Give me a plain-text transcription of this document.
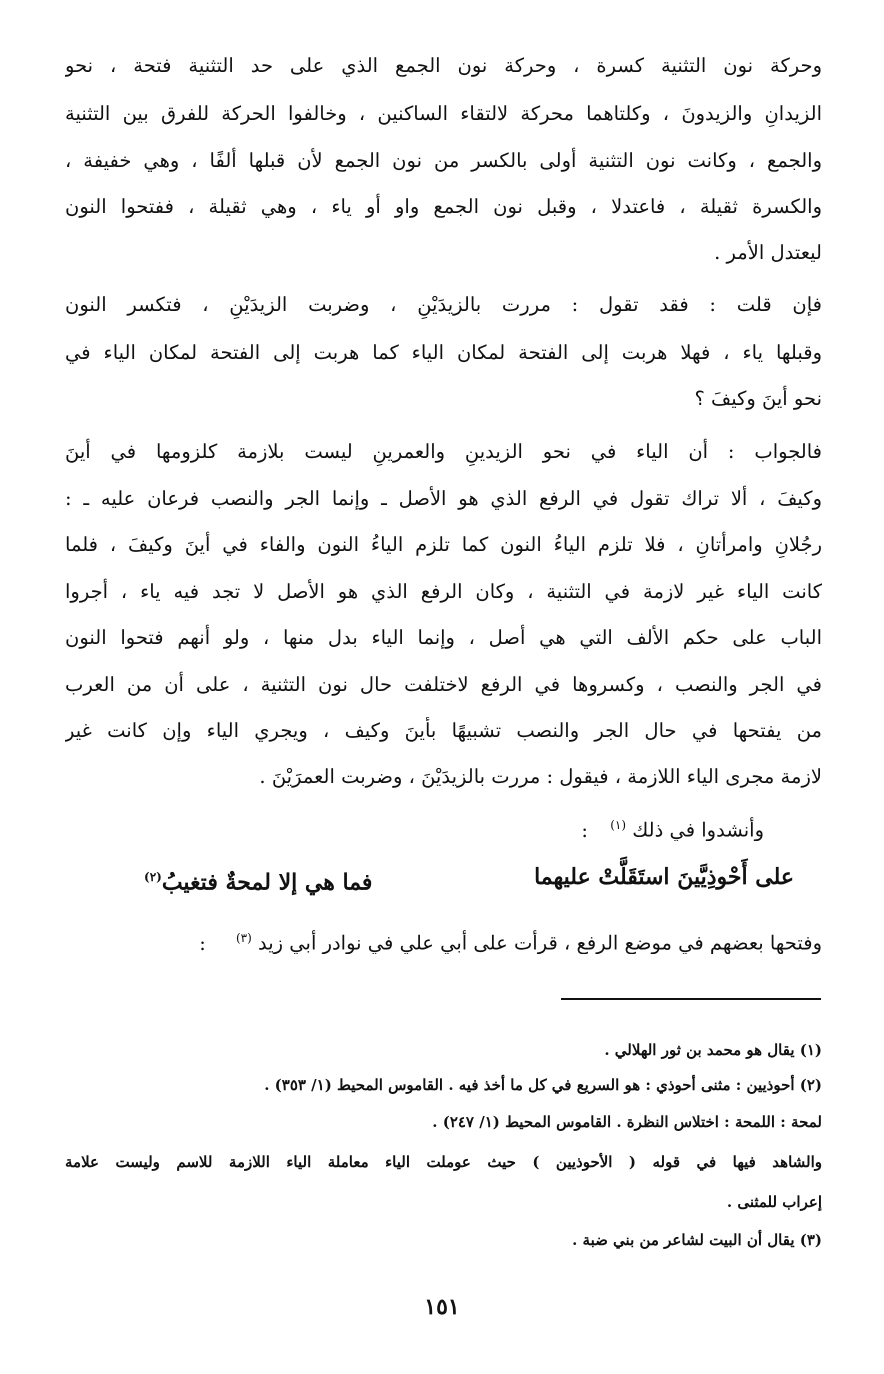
وحركة نون التثنية كسرة ، وحركة نون الجمع الذي على حد التثنية فتحة ، نحو
الزيدانِ والزيدونَ ، وكلتاهما محركة لالتقاء الساكنين ، وخالفوا الحركة للفرق بين التثنية
والجمع ، وكانت نون التثنية أولى بالكسر من نون الجمع لأن قبلها ألفًا ، وهي خفيفة ،
والكسرة ثقيلة ، فاعتدلا ، وقبل نون الجمع واو أو ياء ، وهي ثقيلة ، ففتحوا النون
ليعتدل الأمر .
فإن قلت : فقد تقول : مررت بالزيدَيْنِ ، وضربت الزيدَيْنِ ، فتكسر النون
وقبلها ياء ، فهلا هربت إلى الفتحة لمكان الياء كما هربت إلى الفتحة لمكان الياء في
نحو أينَ وكيفَ ؟
فالجواب : أن الياء في نحو الزيدينِ والعمرينِ ليست بلازمة كلزومها في أينَ
وكيفَ ، ألا تراك تقول في الرفع الذي هو الأصل ـ وإنما الجر والنصب فرعان عليه ـ :
رجُلانِ وامرأتانِ ، فلا تلزم الياءُ النون كما تلزم الياءُ النون والفاء في أينَ وكيفَ ، فلما
كانت الياء غير لازمة في التثنية ، وكان الرفع الذي هو الأصل لا تجد فيه ياء ، أجروا
الباب على حكم الألف التي هي أصل ، وإنما الياء بدل منها ، ولو أنهم فتحوا النون
في الجر والنصب ، وكسروها في الرفع لاختلفت حال نون التثنية ، على أن من العرب
من يفتحها في حال الجر والنصب تشبيهًا بأينَ وكيف ، ويجري الياء وإن كانت غير
لازمة مجرى الياء اللازمة ، فيقول : مررت بالزيدَيْنَ ، وضربت العمرَيْنَ .
وأنشدوا في ذلك $^{(١)}$ :
على أَحْوذِيَّينَ استَقَلَّتْ عليهما
فما هي إلا لمحةٌ فتغيبُ$^{(٢)}$
وفتحها بعضهم في موضع الرفع ، قرأت على أبي علي في نوادر أبي زيد $^{(٣)}$ :
(١) يقال هو محمد بن ثور الهلالي .
(٢) أحوذيين : مثنى أحوذي : هو السريع في كل ما أخذ فيه . القاموس المحيط (١/ ٣٥٣) .
لمحة : اللمحة : اختلاس النظرة . القاموس المحيط (١/ ٢٤٧) .
والشاهد فيها في قوله ( الأحوذيين ) حيث عوملت الياء معاملة الياء اللازمة للاسم وليست علامة
إعراب للمثنى .
(٣) يقال أن البيت لشاعر من بني ضبة .
١٥١
